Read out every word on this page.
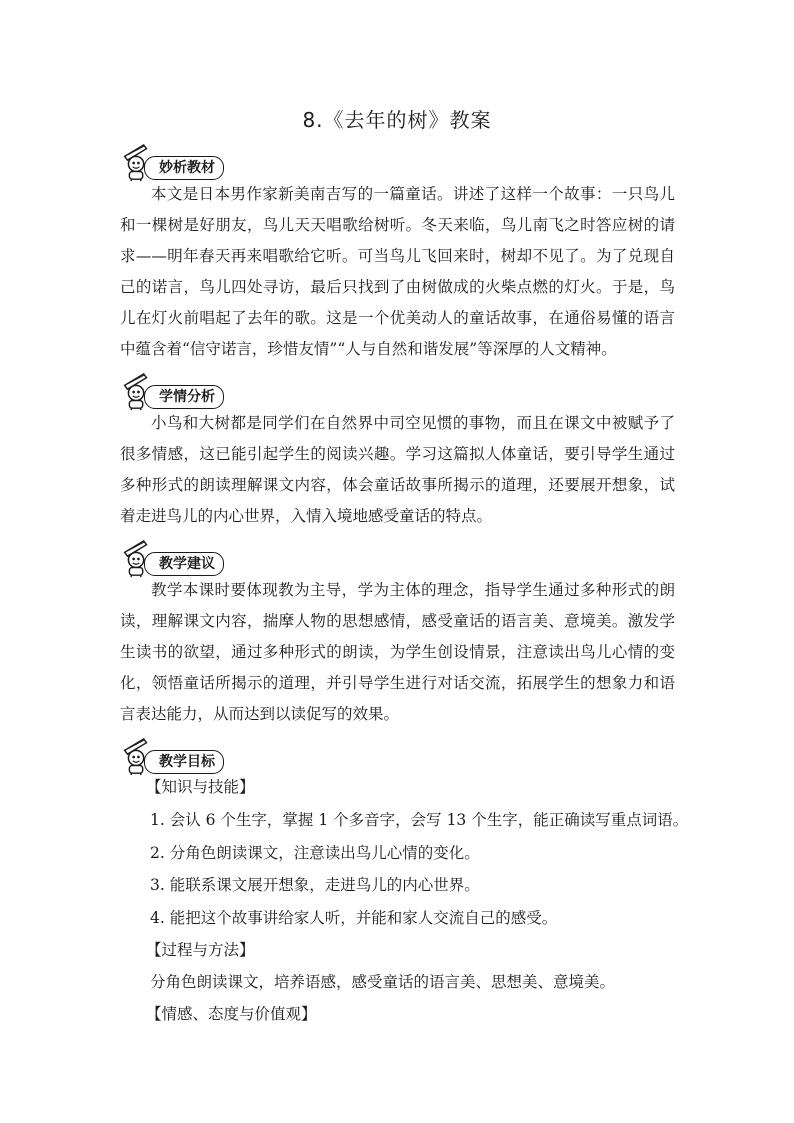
8.《去年的树》教案
妙析教材

本文是日本男作家新美南吉写的一篇童话。讲述了这样一个故事：一只鸟儿和一棵树是好朋友，鸟儿天天唱歌给树听。冬天来临，鸟儿南飞之时答应树的请求——明年春天再来唱歌给它听。可当鸟儿飞回来时，树却不见了。为了兑现自己的诺言，鸟儿四处寻访，最后只找到了由树做成的火柴点燃的灯火。于是，鸟儿在灯火前唱起了去年的歌。这是一个优美动人的童话故事，在通俗易懂的语言中蕴含着“信守诺言，珍惜友情”“人与自然和谐发展”等深厚的人文精神。

学情分析

小鸟和大树都是同学们在自然界中司空见惯的事物，而且在课文中被赋予了很多情感，这已能引起学生的阅读兴趣。学习这篇拟人体童话，要引导学生通过多种形式的朗读理解课文内容，体会童话故事所揭示的道理，还要展开想象，试着走进鸟儿的内心世界，入情入境地感受童话的特点。

教学建议

教学本课时要体现教为主导，学为主体的理念，指导学生通过多种形式的朗读，理解课文内容，揣摩人物的思想感情，感受童话的语言美、意境美。激发学生读书的欲望，通过多种形式的朗读，为学生创设情景，注意读出鸟儿心情的变化，领悟童话所揭示的道理，并引导学生进行对话交流，拓展学生的想象力和语言表达能力，从而达到以读促写的效果。

教学目标
【知识与技能】
1. 会认 6 个生字，掌握 1 个多音字，会写 13 个生字，能正确读写重点词语。
2. 分角色朗读课文，注意读出鸟儿心情的变化。
3. 能联系课文展开想象，走进鸟儿的内心世界。
4. 能把这个故事讲给家人听，并能和家人交流自己的感受。
【过程与方法】
分角色朗读课文，培养语感，感受童话的语言美、思想美、意境美。
【情感、态度与价值观】
